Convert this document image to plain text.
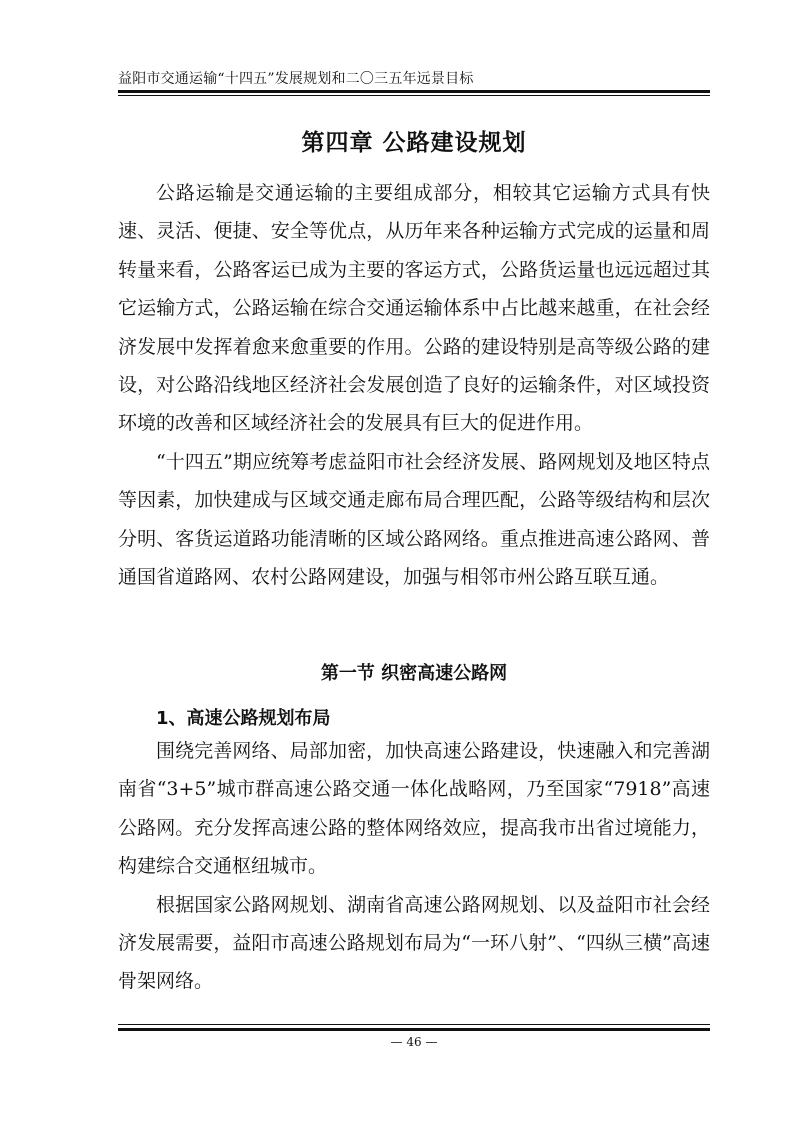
益阳市交通运输“十四五”发展规划和二〇三五年远景目标
第四章 公路建设规划

公路运输是交通运输的主要组成部分，相较其它运输方式具有快速、灵活、便捷、安全等优点，从历年来各种运输方式完成的运量和周转量来看，公路客运已成为主要的客运方式，公路货运量也远远超过其它运输方式，公路运输在综合交通运输体系中占比越来越重，在社会经济发展中发挥着愈来愈重要的作用。公路的建设特别是高等级公路的建设，对公路沿线地区经济社会发展创造了良好的运输条件，对区域投资环境的改善和区域经济社会的发展具有巨大的促进作用。

“十四五”期应统筹考虑益阳市社会经济发展、路网规划及地区特点等因素，加快建成与区域交通走廊布局合理匹配，公路等级结构和层次分明、客货运道路功能清晰的区域公路网络。重点推进高速公路网、普通国省道路网、农村公路网建设，加强与相邻市州公路互联互通。

第一节 织密高速公路网
1、高速公路规划布局

围绕完善网络、局部加密，加快高速公路建设，快速融入和完善湖南省“3+5”城市群高速公路交通一体化战略网，乃至国家“7918”高速公路网。充分发挥高速公路的整体网络效应，提高我市出省过境能力，构建综合交通枢纽城市。

根据国家公路网规划、湖南省高速公路网规划、以及益阳市社会经济发展需要，益阳市高速公路规划布局为“一环八射”、“四纵三横”高速骨架网络。

— 46 —
